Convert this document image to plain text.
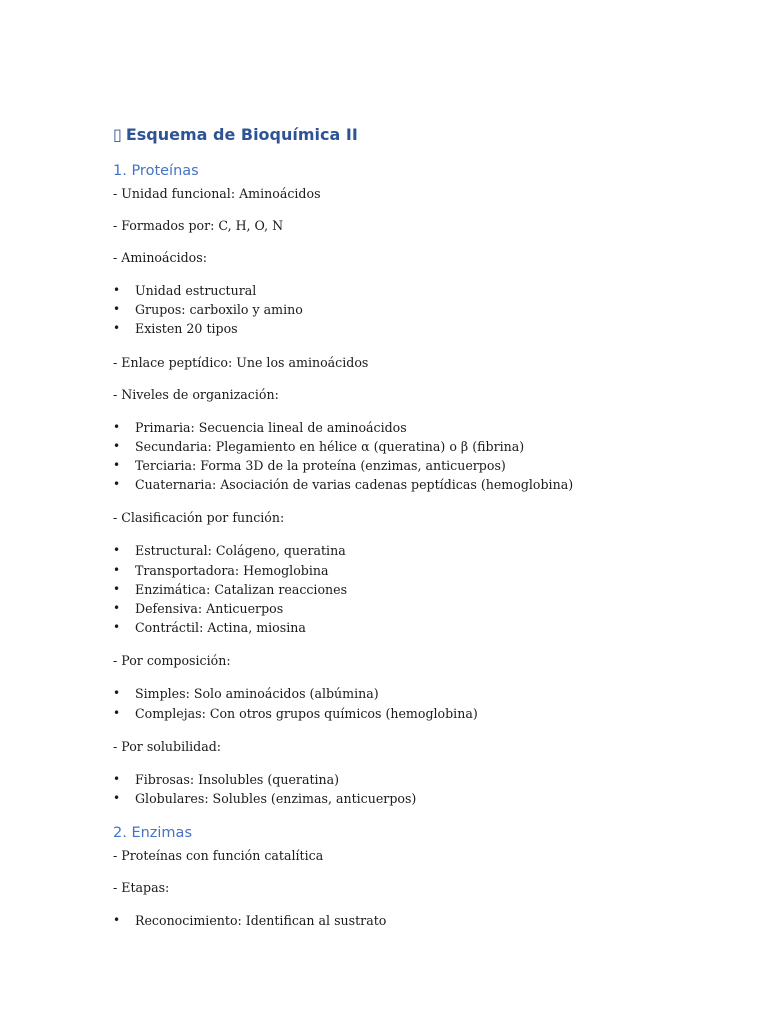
▯ Esquema de Bioquímica II
1. Proteínas

- Unidad funcional: Aminoácidos

- Formados por: C, H, O, N

- Aminoácidos:

• Unidad estructural
• Grupos: carboxilo y amino
• Existen 20 tipos

- Enlace peptídico: Une los aminoácidos

- Niveles de organización:

• Primaria: Secuencia lineal de aminoácidos
• Secundaria: Plegamiento en hélice α (queratina) o β (fibrina)
• Terciaria: Forma 3D de la proteína (enzimas, anticuerpos)
• Cuaternaria: Asociación de varias cadenas peptídicas (hemoglobina)

- Clasificación por función:

• Estructural: Colágeno, queratina
• Transportadora: Hemoglobina
• Enzimática: Catalizan reacciones
• Defensiva: Anticuerpos
• Contráctil: Actina, miosina

- Por composición:

• Simples: Solo aminoácidos (albúmina)
• Complejas: Con otros grupos químicos (hemoglobina)

- Por solubilidad:

• Fibrosas: Insolubles (queratina)
• Globulares: Solubles (enzimas, anticuerpos)
2. Enzimas

- Proteínas con función catalítica

- Etapas:

• Reconocimiento: Identifican al sustrato
